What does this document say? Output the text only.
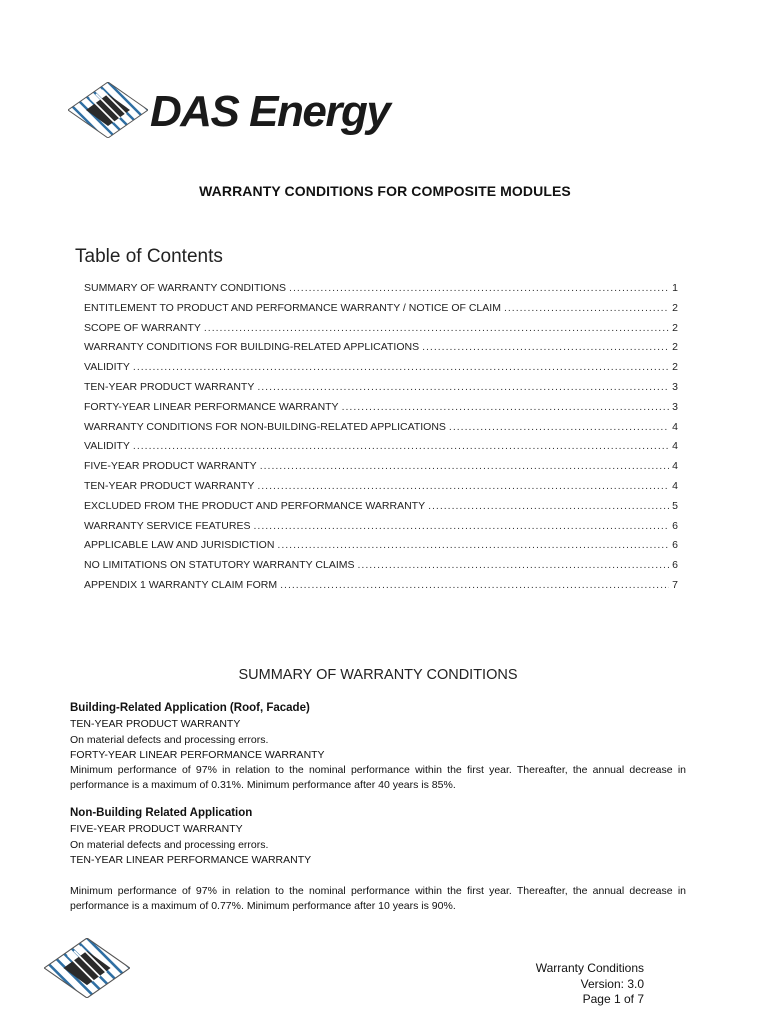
DAS Energy
WARRANTY CONDITIONS FOR COMPOSITE MODULES
Table of Contents
SUMMARY OF WARRANTY CONDITIONS .....	1
ENTITLEMENT TO PRODUCT AND PERFORMANCE WARRANTY / NOTICE OF CLAIM .....	2
SCOPE OF WARRANTY .....	2
WARRANTY CONDITIONS FOR BUILDING-RELATED APPLICATIONS .....	2
VALIDITY .....	2
TEN-YEAR PRODUCT WARRANTY .....	3
FORTY-YEAR LINEAR PERFORMANCE WARRANTY .....	3
WARRANTY CONDITIONS FOR NON-BUILDING-RELATED APPLICATIONS .....	4
VALIDITY .....	4
FIVE-YEAR PRODUCT WARRANTY .....	4
TEN-YEAR PRODUCT WARRANTY .....	4
EXCLUDED FROM THE PRODUCT AND PERFORMANCE WARRANTY .....	5
WARRANTY SERVICE FEATURES .....	6
APPLICABLE LAW AND JURISDICTION .....	6
NO LIMITATIONS ON STATUTORY WARRANTY CLAIMS .....	6
APPENDIX 1 WARRANTY CLAIM FORM .....	7
SUMMARY OF WARRANTY CONDITIONS
Building-Related Application (Roof, Facade)

TEN-YEAR PRODUCT WARRANTY

On material defects and processing errors.

FORTY-YEAR LINEAR PERFORMANCE WARRANTY

Minimum performance of 97% in relation to the nominal performance within the first year. Thereafter, the annual decrease in performance is a maximum of 0.31%. Minimum performance after 40 years is 85%.

Non-Building Related Application

FIVE-YEAR PRODUCT WARRANTY

On material defects and processing errors.

TEN-YEAR LINEAR PERFORMANCE WARRANTY

Minimum performance of 97% in relation to the nominal performance within the first year. Thereafter, the annual decrease in performance is a maximum of 0.77%. Minimum performance after 10 years is 90%.

Warranty Conditions
Version: 3.0
Page 1 of 7
